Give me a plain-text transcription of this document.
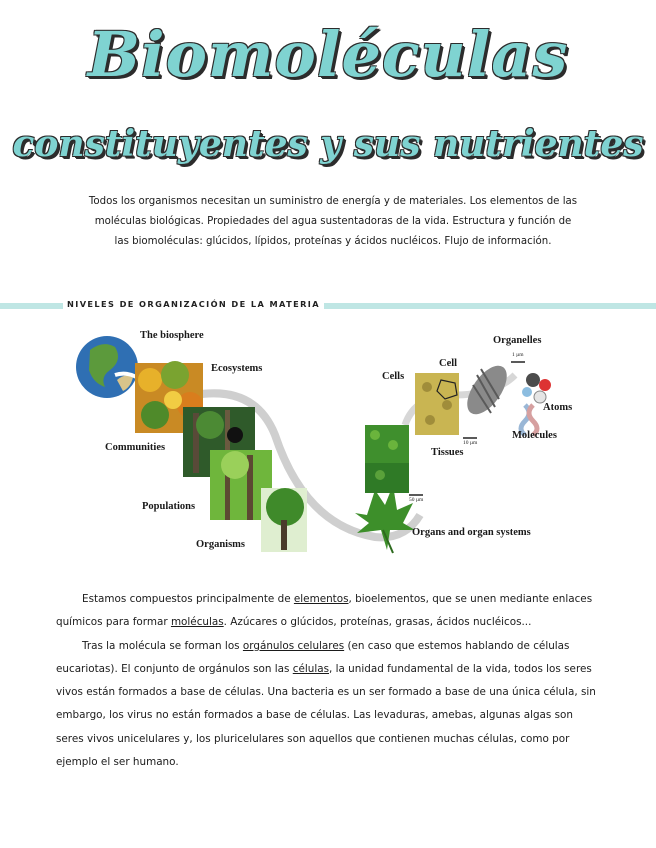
Biomoléculas
constituyentes y sus nutrientes
Todos los organismos necesitan un suministro de energía y de materiales. Los elementos de las moléculas biológicas. Propiedades del agua sustentadoras de la vida. Estructura y función de las biomoléculas: glúcidos, lípidos, proteínas y ácidos nucléicos. Flujo de información.
NIVELES DE ORGANIZACIÓN DE LA MATERIA
The biosphere
Ecosystems
Communities
Populations
Organisms
Organs and organ systems
Tissues
Cells
Cell
Organelles
Atoms
Molecules
1 µm
10 µm
50 µm

Estamos compuestos principalmente de elementos, bioelementos, que se unen mediante enlaces químicos para formar moléculas. Azúcares o glúcidos, proteínas, grasas, ácidos nucléicos...

Tras la molécula se forman los orgánulos celulares (en caso que estemos hablando de células eucariotas). El conjunto de orgánulos son las células, la unidad fundamental de la vida, todos los seres vivos están formados a base de células. Una bacteria es un ser formado a base de una única célula, sin embargo, los virus no están formados a base de células. Las levaduras, amebas, algunas algas son seres vivos unicelulares y, los pluricelulares son aquellos que contienen muchas células, como por ejemplo el ser humano.
